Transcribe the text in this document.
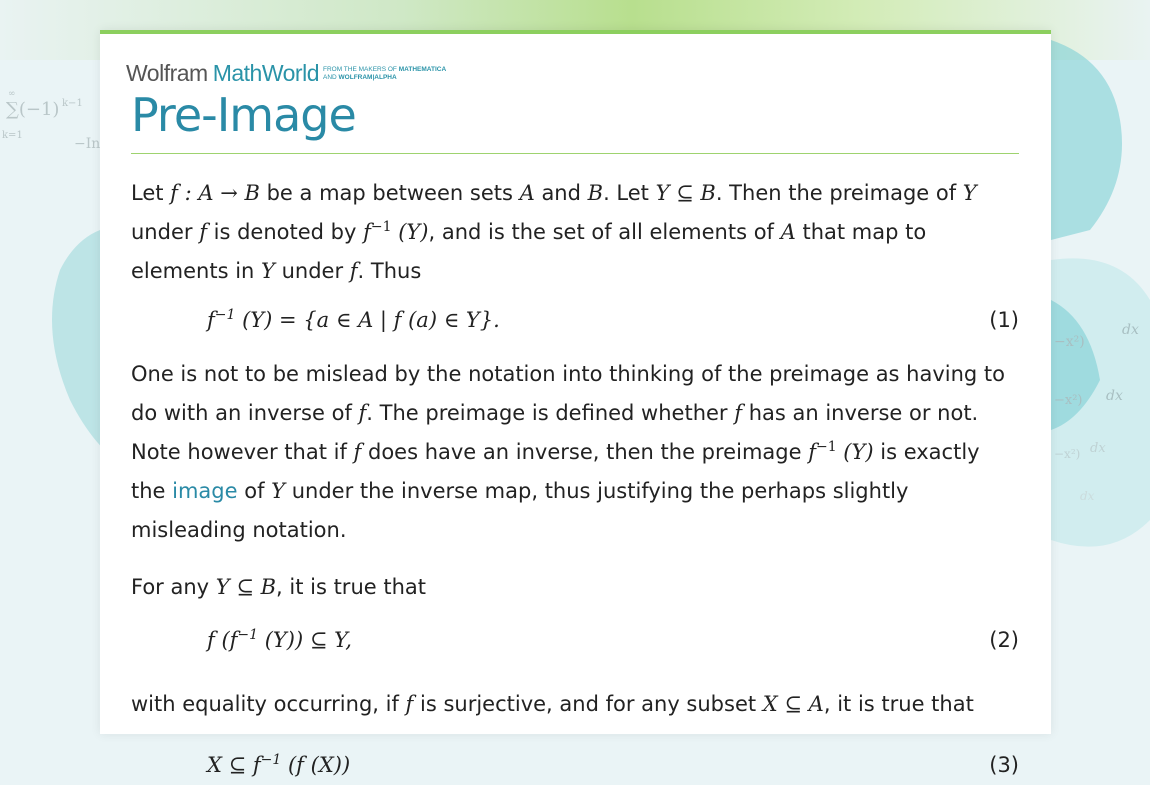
∑(−1) k−1
∞
k=1
−In
dx
−x²)
dx
−x²)
dx
−x²)
dx
Wolfram MathWorld FROM THE MAKERS OF MATHEMATICA
AND WOLFRAM|ALPHA
Pre-Image

Let f : A → B be a map between sets A and B. Let Y ⊆ B. Then the preimage of Y under f is denoted by $f^{-1}$ (Y), and is the set of all elements of A that map to elements in Y under f. Thus

$f^{-1}$ (Y) = {a ∈ A | f (a) ∈ Y}.	(1)

One is not to be mislead by the notation into thinking of the preimage as having to do with an inverse of f. The preimage is defined whether f has an inverse or not. Note however that if f does have an inverse, then the preimage $f^{-1}$ (Y) is exactly the image of Y under the inverse map, thus justifying the perhaps slightly misleading notation.

For any Y ⊆ B, it is true that

f ($f^{-1}$ (Y)) ⊆ Y,	(2)

with equality occurring, if f is surjective, and for any subset X ⊆ A, it is true that

X ⊆ $f^{-1}$ (f (X))	(3)
